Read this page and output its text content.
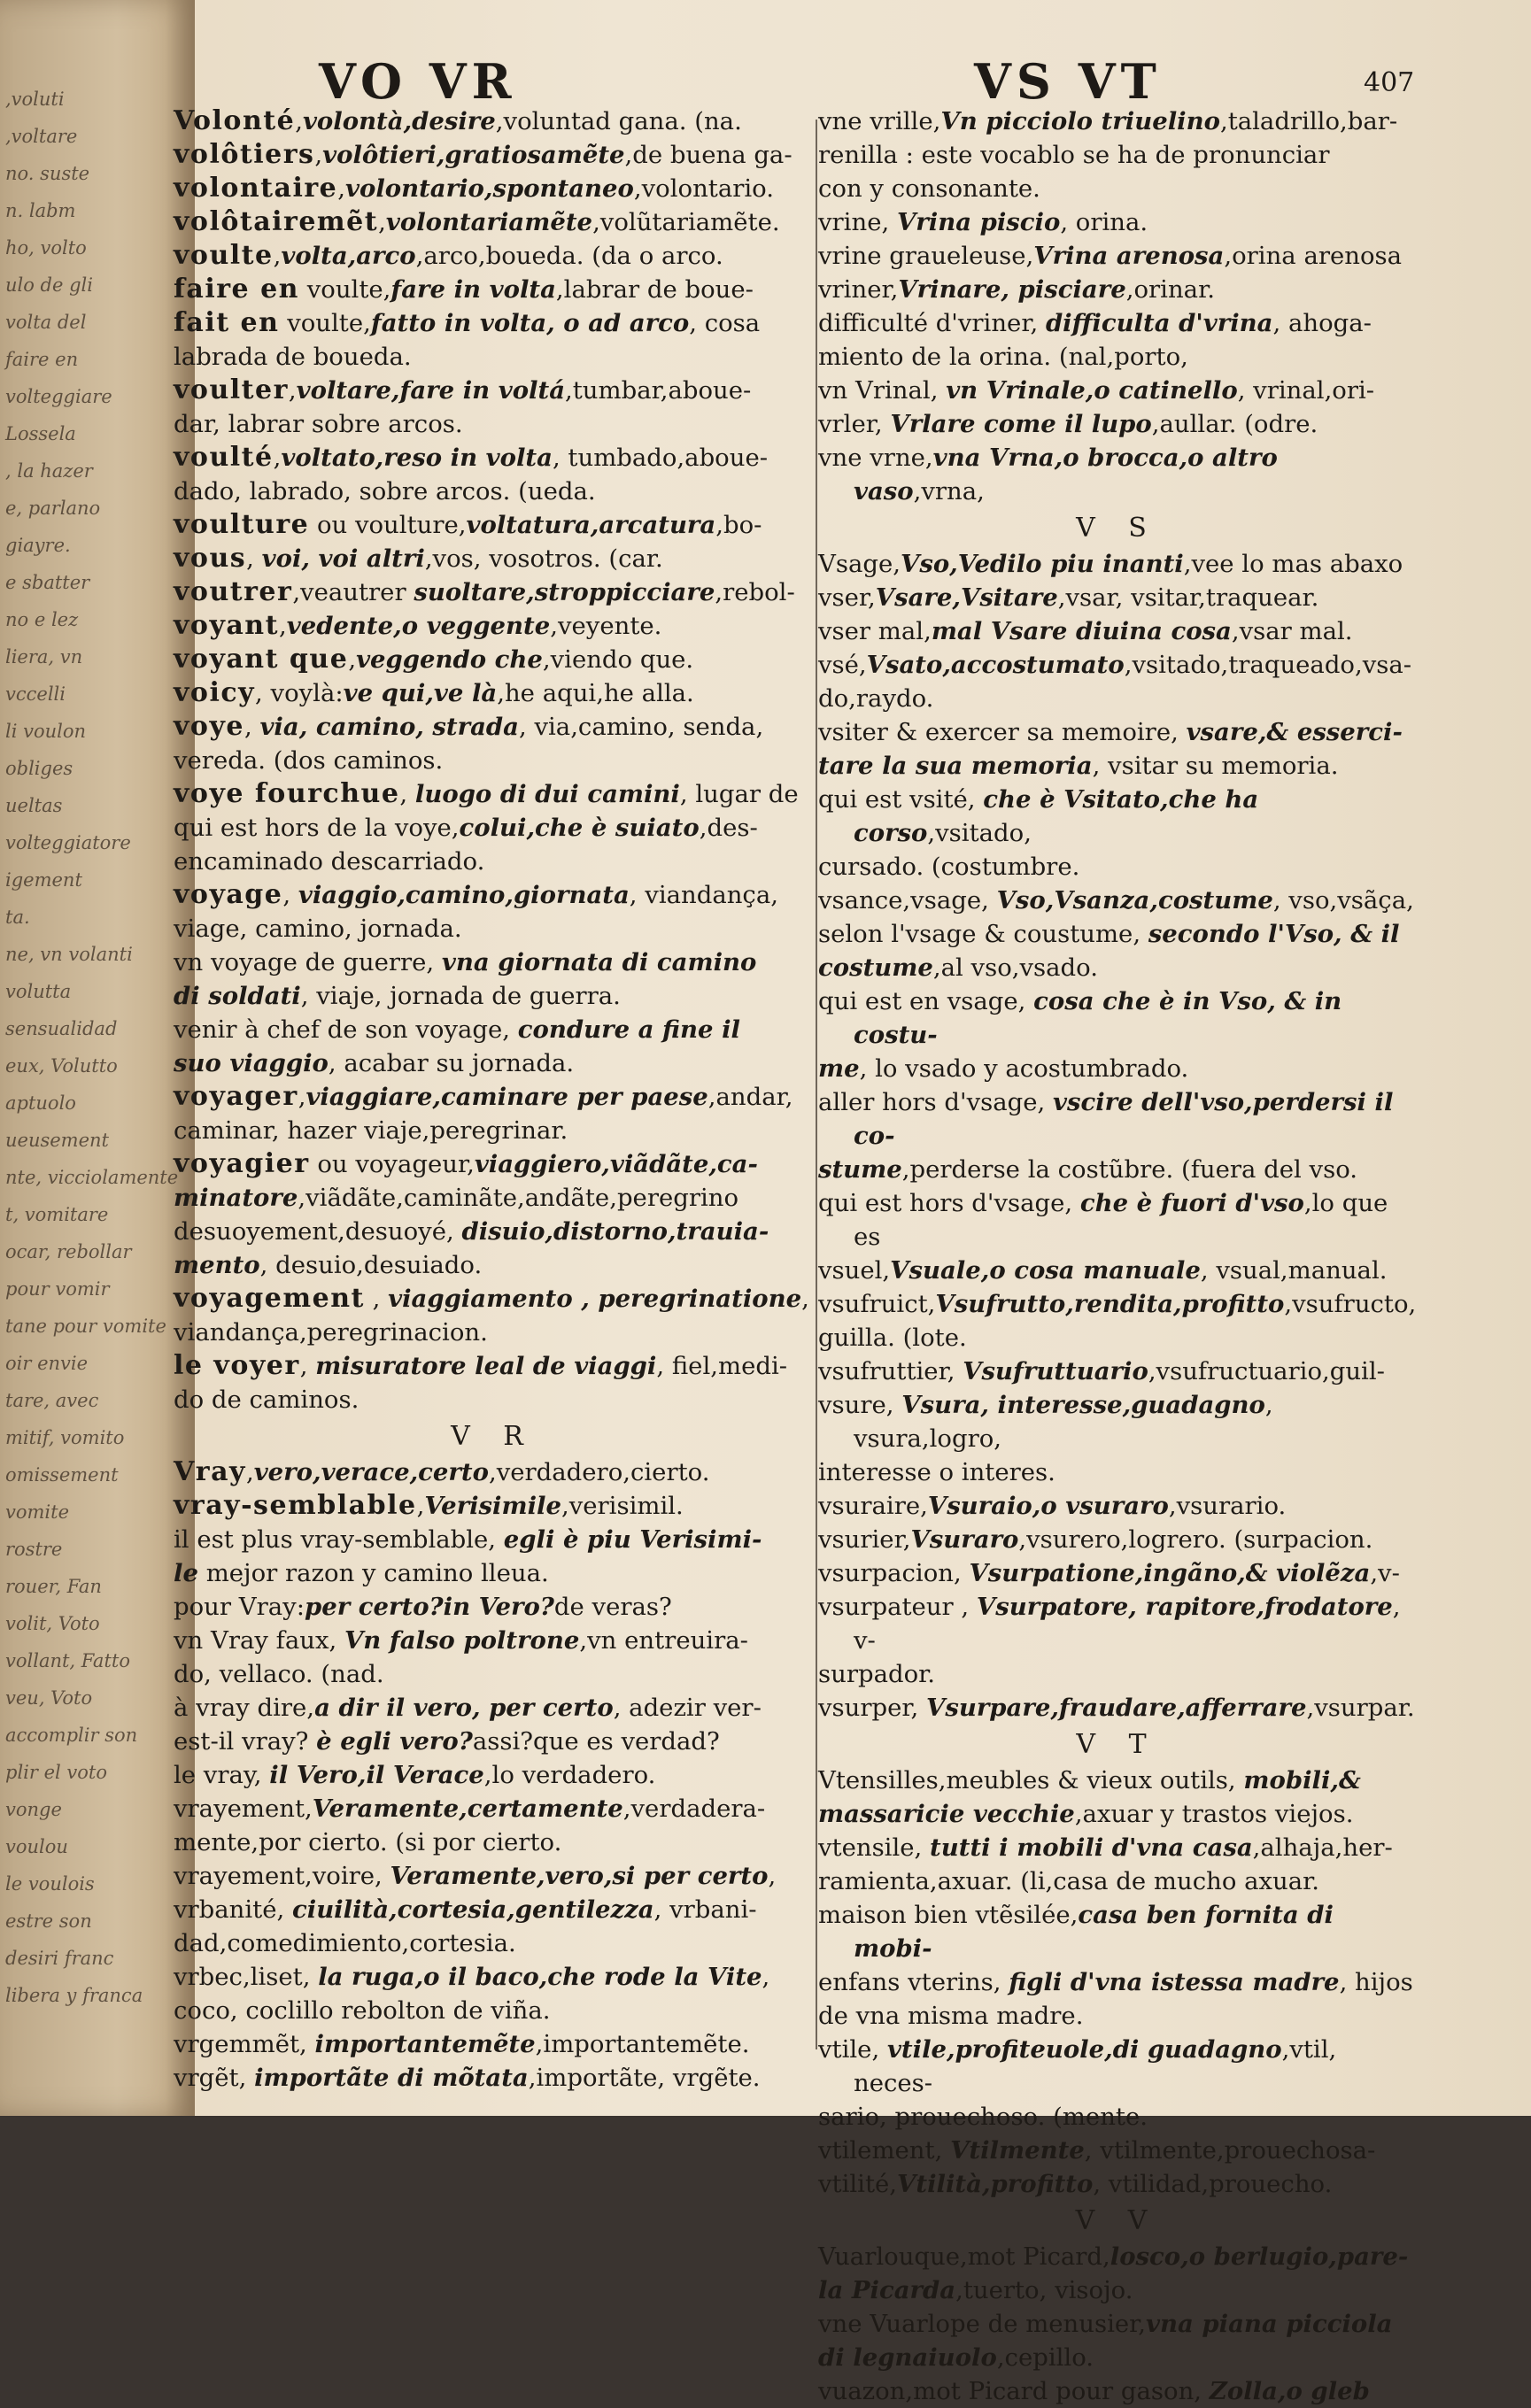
,voluti
,voltare
no. suste
n. labm
ho, volto
ulo de gli
volta del
faire en
volteggiare
Lossela
, la hazer
e, parlano
giayre.
e sbatter
no e lez
liera, vn
vccelli
li voulon
obliges
ueltas
volteggiatore
igement
ta.
ne, vn volanti
volutta
sensualidad
eux, Volutto
aptuolo
ueusement
nte, vicciolamente
t, vomitare
ocar, rebollar
pour vomir
tane pour vomite
oir envie
tare, avec
mitif, vomito
omissement
vomite
rostre
rouer, Fan
volit, Voto
vollant, Fatto
veu, Voto
accomplir son
plir el voto
vonge
voulou
le voulois
estre son
desiri franc
libera y franca
VO VR	VS VT	407
Volonté,volontà,desire,voluntad gana. (na.
volôtiers,volôtieri,gratiosamẽte,de buena ga-
volontaire,volontario,spontaneo,volontario.
volôtairemẽt,volontariamẽte,volũtariamẽte.
voulte,volta,arco,arco,boueda. (da o arco.
faire en voulte,fare in volta,labrar de boue-
fait en voulte,fatto in volta, o ad arco, cosa
labrada de boueda.
voulter,voltare,fare in voltá,tumbar,aboue-
dar, labrar sobre arcos.
voulté,voltato,reso in volta, tumbado,aboue-
dado, labrado, sobre arcos. (ueda.
voulture ou voulture,voltatura,arcatura,bo-
vous, voi, voi altri,vos, vosotros. (car.
voutrer,veautrer suoltare,stroppicciare,rebol-
voyant,vedente,o veggente,veyente.
voyant que,veggendo che,viendo que.
voicy, voylà:ve qui,ve là,he aqui,he alla.
voye, via, camino, strada, via,camino, senda,
vereda. (dos caminos.
voye fourchue, luogo di dui camini, lugar de
qui est hors de la voye,colui,che è suiato,des-
encaminado descarriado.
voyage, viaggio,camino,giornata, viandança,
viage, camino, jornada.
vn voyage de guerre, vna giornata di camino
di soldati, viaje, jornada de guerra.
venir à chef de son voyage, condure a fine il
suo viaggio, acabar su jornada.
voyager,viaggiare,caminare per paese,andar,
caminar, hazer viaje,peregrinar.
voyagier ou voyageur,viaggiero,viãdãte,ca-
minatore,viãdãte,caminãte,andãte,peregrino
desuoyement,desuoyé, disuio,distorno,trauia-
mento, desuio,desuiado.
voyagement , viaggiamento , peregrinatione,
viandança,peregrinacion.
le voyer, misuratore leal de viaggi, fiel,medi-
do de caminos.
V R
Vray,vero,verace,certo,verdadero,cierto.
vray-semblable,Verisimile,verisimil.
il est plus vray-semblable, egli è piu Verisimi-
le mejor razon y camino lleua.
pour Vray:per certo?in Vero?de veras?
vn Vray faux, Vn falso poltrone,vn entreuira-
do, vellaco. (nad.
à vray dire,a dir il vero, per certo, adezir ver-
est-il vray? è egli vero?assi?que es verdad?
le vray, il Vero,il Verace,lo verdadero.
vrayement,Veramente,certamente,verdadera-
mente,por cierto. (si por cierto.
vrayement,voire, Veramente,vero,si per certo,
vrbanité, ciuilità,cortesia,gentilezza, vrbani-
dad,comedimiento,cortesia.
vrbec,liset, la ruga,o il baco,che rode la Vite,
coco, coclillo rebolton de viña.
vrgemmẽt, importantemẽte,importantemẽte.
vrgẽt, importãte di mõtata,importãte, vrgẽte.
vne vrille,Vn picciolo triuelino,taladrillo,bar-
renilla : este vocablo se ha de pronunciar
con y consonante.
vrine, Vrina piscio, orina.
vrine graueleuse,Vrina arenosa,orina arenosa
vriner,Vrinare, pisciare,orinar.
difficulté d'vriner, difficulta d'vrina, ahoga-
miento de la orina. (nal,porto,
vn Vrinal, vn Vrinale,o catinello, vrinal,ori-
vrler, Vrlare come il lupo,aullar. (odre.
vne vrne,vna Vrna,o brocca,o altro vaso,vrna,
V S
Vsage,Vso,Vedilo piu inanti,vee lo mas abaxo
vser,Vsare,Vsitare,vsar, vsitar,traquear.
vser mal,mal Vsare diuina cosa,vsar mal.
vsé,Vsato,accostumato,vsitado,traqueado,vsa-
do,raydo.
vsiter & exercer sa memoire, vsare,& esserci-
tare la sua memoria, vsitar su memoria.
qui est vsité, che è Vsitato,che ha corso,vsitado,
cursado. (costumbre.
vsance,vsage, Vso,Vsanza,costume, vso,vsãça,
selon l'vsage & coustume, secondo l'Vso, & il
costume,al vso,vsado.
qui est en vsage, cosa che è in Vso, & in costu-
me, lo vsado y acostumbrado.
aller hors d'vsage, vscire dell'vso,perdersi il co-
stume,perderse la costũbre. (fuera del vso.
qui est hors d'vsage, che è fuori d'vso,lo que es
vsuel,Vsuale,o cosa manuale, vsual,manual.
vsufruict,Vsufrutto,rendita,profitto,vsufructo,
guilla. (lote.
vsufruttier, Vsufruttuario,vsufructuario,guil-
vsure, Vsura, interesse,guadagno, vsura,logro,
interesse o interes.
vsuraire,Vsuraio,o vsuraro,vsurario.
vsurier,Vsuraro,vsurero,logrero. (surpacion.
vsurpacion, Vsurpatione,ingãno,& violẽza,v-
vsurpateur , Vsurpatore, rapitore,frodatore, v-
surpador.
vsurper, Vsurpare,fraudare,afferrare,vsurpar.
V T
Vtensilles,meubles & vieux outils, mobili,&
massaricie vecchie,axuar y trastos viejos.
vtensile, tutti i mobili d'vna casa,alhaja,her-
ramienta,axuar. (li,casa de mucho axuar.
maison bien vtẽsilée,casa ben fornita di mobi-
enfans vterins, figli d'vna istessa madre, hijos
de vna misma madre.
vtile, vtile,profiteuole,di guadagno,vtil, neces-
sario, prouechoso. (mente.
vtilement, Vtilmente, vtilmente,prouechosa-
vtilité,Vtilità,profitto, vtilidad,prouecho.
V V
Vuarlouque,mot Picard,losco,o berlugio,pare-
la Picarda,tuerto, visojo.
vne Vuarlope de menusier,vna piana picciola
di legnaiuolo,cepillo.
vuazon,mot Picard pour gason, Zolla,o gleb
